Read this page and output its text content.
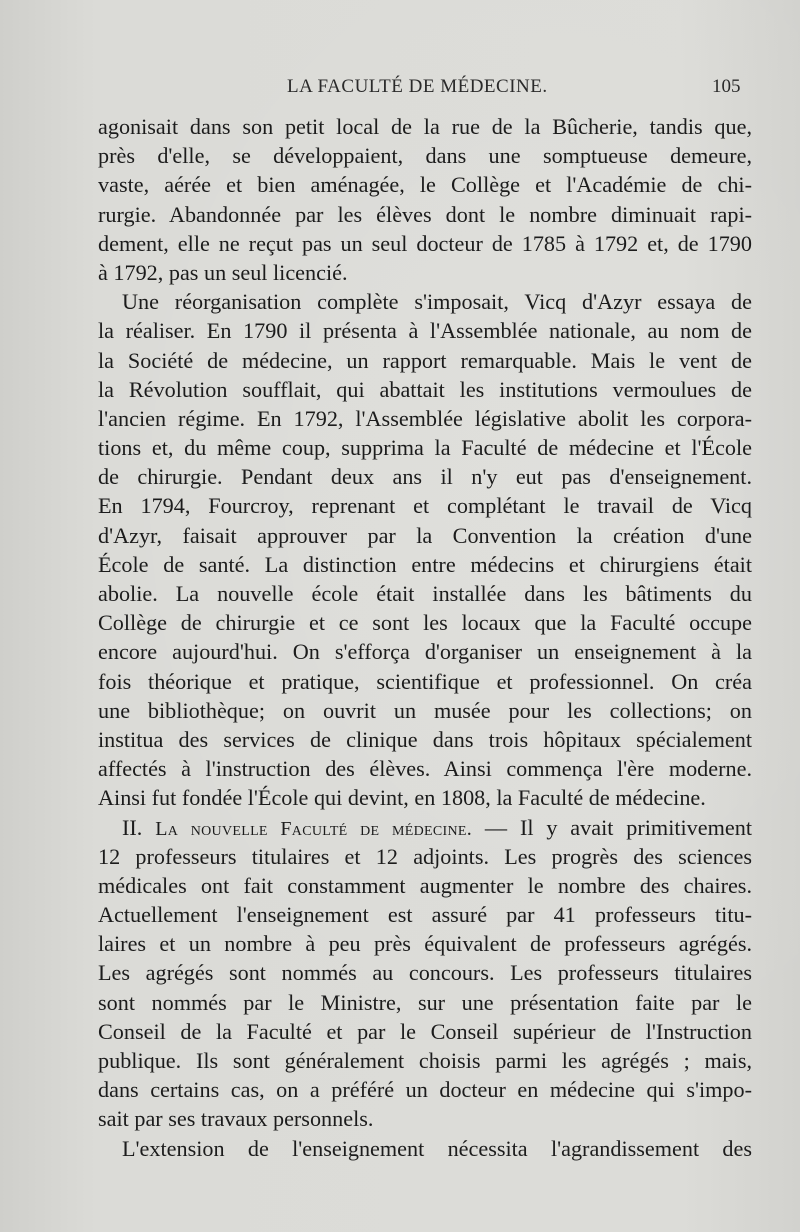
LA FACULTÉ DE MÉDECINE.	105
agonisait dans son petit local de la rue de la Bûcherie, tandis que,
près d'elle, se développaient, dans une somptueuse demeure,
vaste, aérée et bien aménagée, le Collège et l'Académie de chi-
rurgie. Abandonnée par les élèves dont le nombre diminuait rapi-
dement, elle ne reçut pas un seul docteur de 1785 à 1792 et, de 1790
à 1792, pas un seul licencié.
Une réorganisation complète s'imposait, Vicq d'Azyr essaya de
la réaliser. En 1790 il présenta à l'Assemblée nationale, au nom de
la Société de médecine, un rapport remarquable. Mais le vent de
la Révolution soufflait, qui abattait les institutions vermoulues de
l'ancien régime. En 1792, l'Assemblée législative abolit les corpora-
tions et, du même coup, supprima la Faculté de médecine et l'École
de chirurgie. Pendant deux ans il n'y eut pas d'enseignement.
En 1794, Fourcroy, reprenant et complétant le travail de Vicq
d'Azyr, faisait approuver par la Convention la création d'une
École de santé. La distinction entre médecins et chirurgiens était
abolie. La nouvelle école était installée dans les bâtiments du
Collège de chirurgie et ce sont les locaux que la Faculté occupe
encore aujourd'hui. On s'efforça d'organiser un enseignement à la
fois théorique et pratique, scientifique et professionnel. On créa
une bibliothèque; on ouvrit un musée pour les collections; on
institua des services de clinique dans trois hôpitaux spécialement
affectés à l'instruction des élèves. Ainsi commença l'ère moderne.
Ainsi fut fondée l'École qui devint, en 1808, la Faculté de médecine.
II. La nouvelle Faculté de médecine. — Il y avait primitivement
12 professeurs titulaires et 12 adjoints. Les progrès des sciences
médicales ont fait constamment augmenter le nombre des chaires.
Actuellement l'enseignement est assuré par 41 professeurs titu-
laires et un nombre à peu près équivalent de professeurs agrégés.
Les agrégés sont nommés au concours. Les professeurs titulaires
sont nommés par le Ministre, sur une présentation faite par le
Conseil de la Faculté et par le Conseil supérieur de l'Instruction
publique. Ils sont généralement choisis parmi les agrégés ; mais,
dans certains cas, on a préféré un docteur en médecine qui s'impo-
sait par ses travaux personnels.
L'extension de l'enseignement nécessita l'agrandissement des
